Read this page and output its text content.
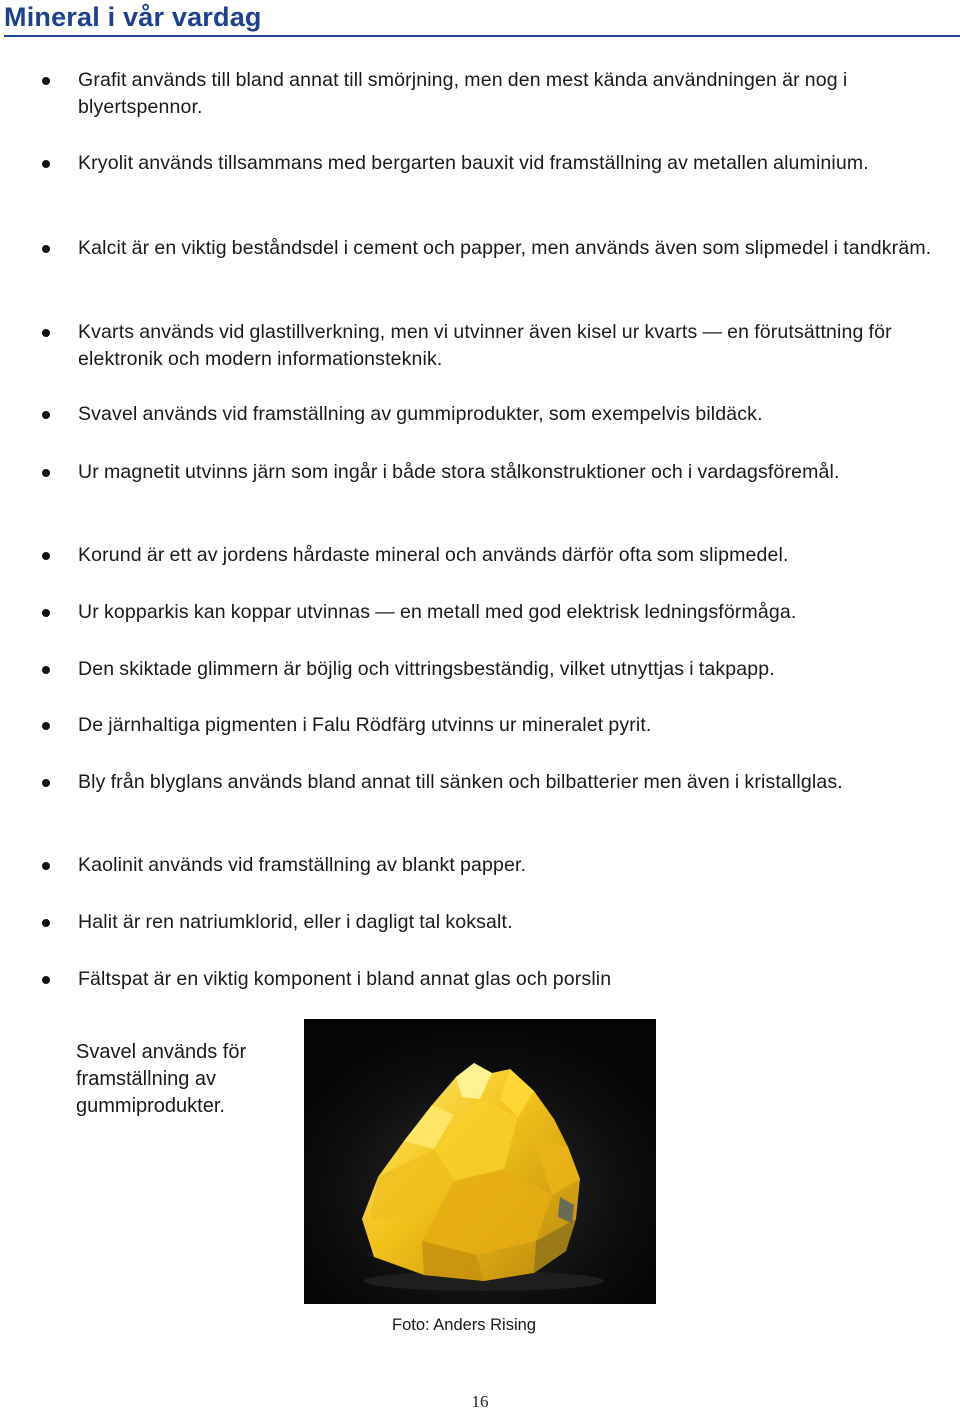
Mineral i vår vardag
Grafit används till bland annat till smörjning, men den mest kända användningen är nog i blyertspennor.
Kryolit används tillsammans med bergarten bauxit vid framställning av metallen aluminium.
Kalcit är en viktig beståndsdel i cement och papper, men används även som slipmedel i tandkräm.
Kvarts används vid glastillverkning, men vi utvinner även kisel ur kvarts — en förutsättning för elektronik och modern informationsteknik.
Svavel används vid framställning av gummiprodukter, som exempelvis bildäck.
Ur magnetit utvinns järn som ingår i både stora stålkonstruktioner och i vardagsföremål.
Korund är ett av jordens hårdaste mineral och används därför ofta som slipmedel.
Ur kopparkis kan koppar utvinnas — en metall med god elektrisk ledningsförmåga.
Den skiktade glimmern är böjlig och vittringsbeständig, vilket utnyttjas i takpapp.
De järnhaltiga pigmenten i Falu Rödfärg utvinns ur mineralet pyrit.
Bly från blyglans används bland annat till sänken och bilbatterier men även i kristallglas.
Kaolinit används vid framställning av blankt papper.
Halit är ren natriumklorid, eller i dagligt tal koksalt.
Fältspat är en viktig komponent i bland annat glas och porslin
Svavel används för framställning av gummiprodukter.
Foto: Anders Rising
16
